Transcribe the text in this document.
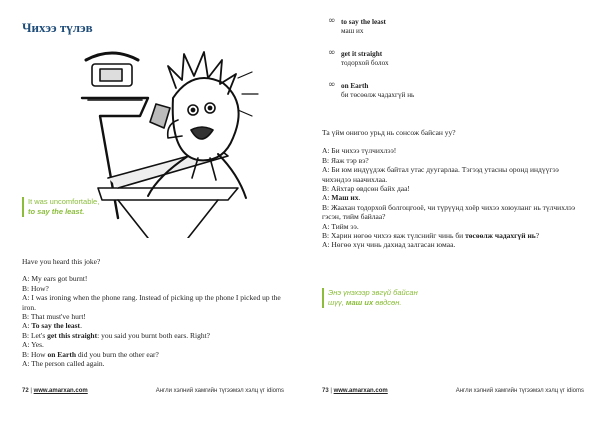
Чихээ түлэв
It was uncomfortable,
to say the least.
Have you heard this joke?
A: My ears got burnt!
B: How?
A: I was ironing when the phone rang. Instead of picking up the phone I picked up the iron.
B: That must've hurt!
A: To say the least.
B: Let's get this straight: you said you burnt both ears. Right?
A: Yes.
B: How on Earth did you burn the other ear?
A: The person called again.
72 | www.amarxan.com	Англи хэлний хамгийн түгээмэл хэлц үг idioms
∞ to say the least
маш их
∞ get it straight
тодорхой болох
∞ on Earth
би төсөөлж чадахгүй нь
Та үйм онигоо урьд нь сонсож байсан уу?
А: Би чихээ түлчихлээ!
В: Яаж тэр вэ?
А: Би юм индүүдэж байтал утас дуугарлаа. Тэгээд утасны оронд индүүгээ чихэндээ наачихлаа.
В: Айхтар өвдсөн байх даа!
А: Маш их.
В: Жаахан тодорхой болгоцгооё, чи түрүүнд хоёр чихээ хоюуланг нь түлчихлээ гэсэн, тийм байлаа?
А: Тийм ээ.
В: Харин нөгөө чихээ яаж түлснийг чинь би төсөөлж чадахгүй нь?
А: Нөгөө хүн чинь дахиад залгасан юмаа.
Энэ үнэхээр эвгүй байсан
шүү, маш их өвдсөн.
73 | www.amarxan.com	Англи хэлний хамгийн түгээмэл хэлц үг idioms
